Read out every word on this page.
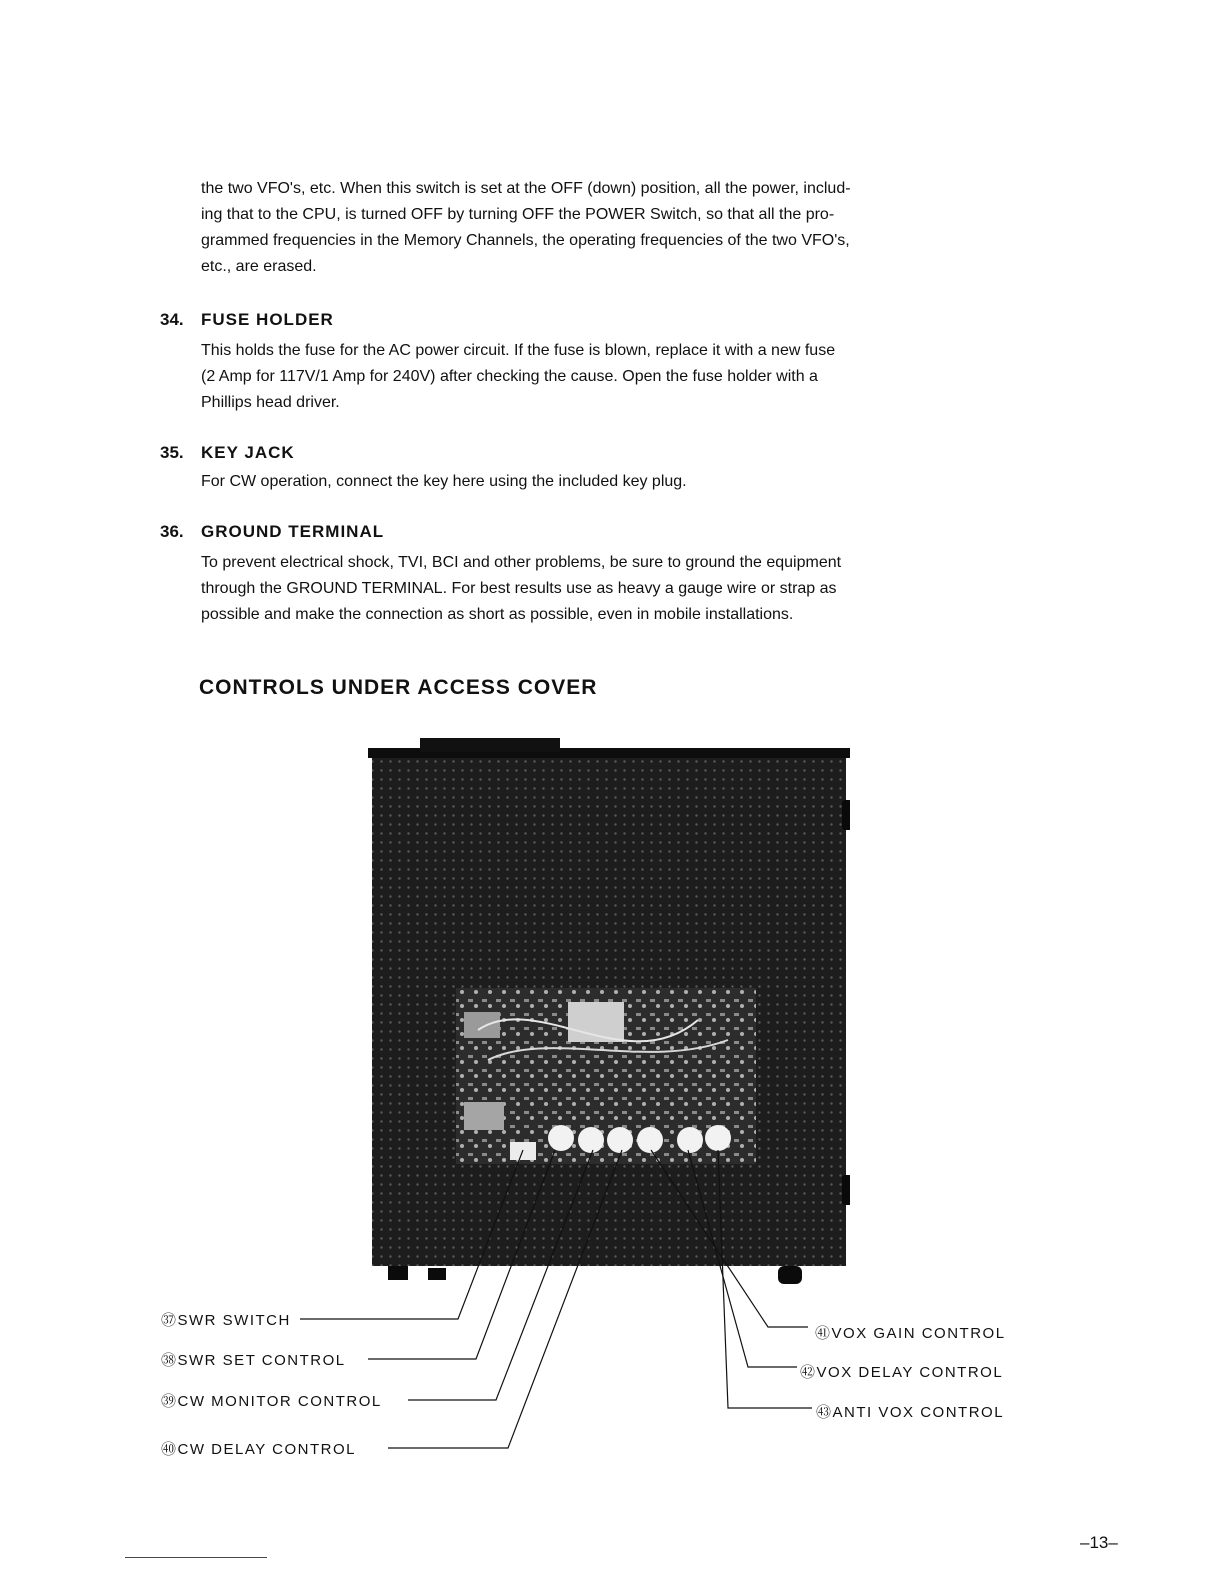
the two VFO's, etc. When this switch is set at the OFF (down) position, all the power, includ-
ing that to the CPU, is turned OFF by turning OFF the POWER Switch, so that all the pro-
grammed frequencies in the Memory Channels, the operating frequencies of the two VFO's,
etc., are erased.

34. FUSE HOLDER

This holds the fuse for the AC power circuit. If the fuse is blown, replace it with a new fuse
(2 Amp for 117V/1 Amp for 240V) after checking the cause. Open the fuse holder with a
Phillips head driver.

35. KEY JACK

For CW operation, connect the key here using the included key plug.

36. GROUND TERMINAL

To prevent electrical shock, TVI, BCI and other problems, be sure to ground the equipment
through the GROUND TERMINAL. For best results use as heavy a gauge wire or strap as
possible and make the connection as short as possible, even in mobile installations.

CONTROLS UNDER ACCESS COVER
㊲SWR SWITCH
㊳SWR SET CONTROL
㊴CW MONITOR CONTROL
㊵CW DELAY CONTROL
㊶VOX GAIN CONTROL
㊷VOX DELAY CONTROL
㊸ANTI VOX CONTROL
–13–
